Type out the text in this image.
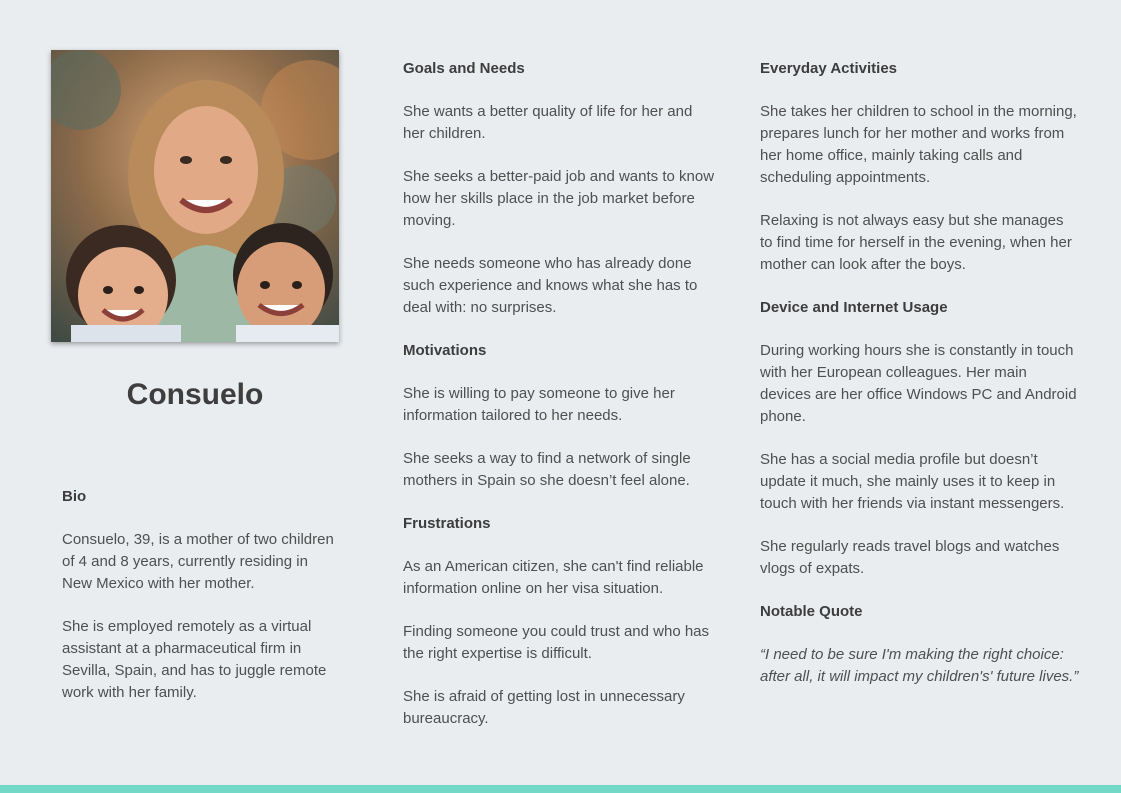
Consuelo
Bio

Consuelo, 39, is a mother of two children of 4 and 8 years, currently residing in New Mexico with her mother.

She is employed remotely as a virtual assistant at a pharmaceutical firm in Sevilla, Spain, and has to juggle remote work with her family.

Goals and Needs

She wants a better quality of life for her and her children.

She seeks a better-paid job and wants to know how her skills place in the job market before moving.

She needs someone who has already done such experience and knows what she has to deal with: no surprises.

Motivations

She is willing to pay someone to give her information tailored to her needs.

She seeks a way to find a network of single mothers in Spain so she doesn’t feel alone.

Frustrations

As an American citizen, she can't find reliable information online on her visa situation.

Finding someone you could trust and who has the right expertise is difficult.

She is afraid of getting lost in unnecessary bureaucracy.

Everyday Activities

She takes her children to school in the morning, prepares lunch for her mother and works from her home office, mainly taking calls and scheduling appointments.

Relaxing is not always easy but she manages to find time for herself in the evening, when her mother can look after the boys.

Device and Internet Usage

During working hours she is constantly in touch with her European colleagues. Her main devices are her office Windows PC and Android phone.

She has a social media profile but doesn’t update it much, she mainly uses it to keep in touch with her friends via instant messengers.

She regularly reads travel blogs and watches vlogs of expats.

Notable Quote

“I need to be sure I'm making the right choice: after all, it will impact my children's' future lives.”
